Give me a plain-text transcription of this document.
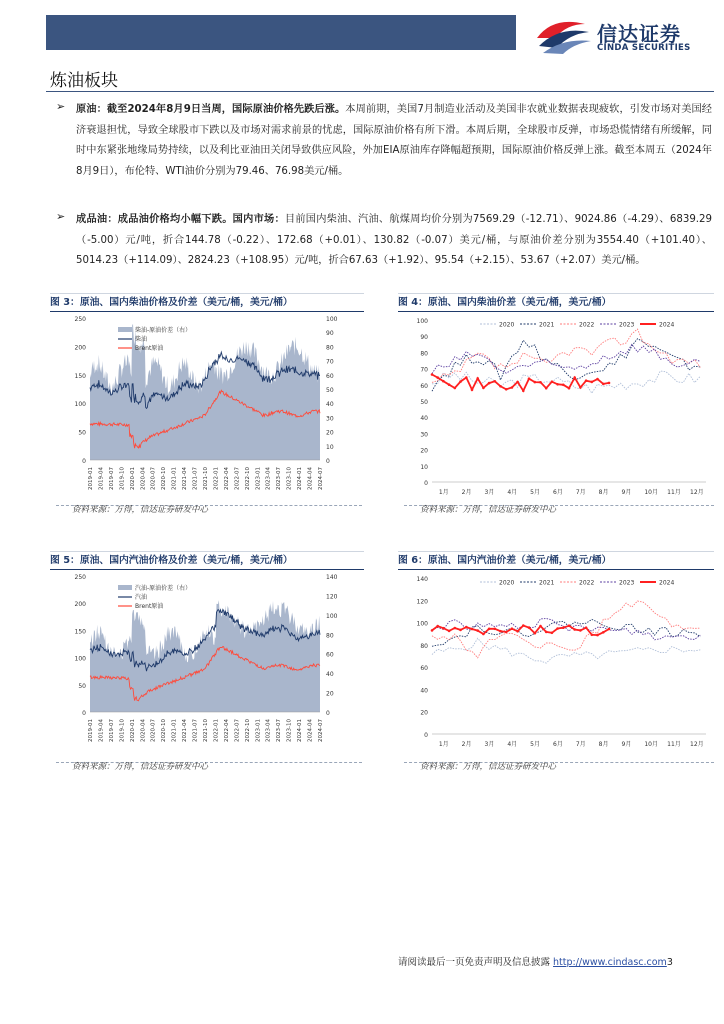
信达证券
CINDA SECURITIES
炼油板块
➢ 原油：截至2024年8月9日当周，国际原油价格先跌后涨。本周前期，美国7月制造业活动及美国非农就业数据表现疲软，引发市场对美国经济衰退担忧，导致全球股市下跌以及市场对需求前景的忧虑，国际原油价格有所下滑。本周后期，全球股市反弹，市场恐慌情绪有所缓解，同时中东紧张地缘局势持续，以及利比亚油田关闭导致供应风险，外加EIA原油库存降幅超预期，国际原油价格反弹上涨。截至本周五（2024年8月9日），布伦特、WTI油价分别为79.46、76.98美元/桶。
➢ 成品油：成品油价格均小幅下跌。国内市场：目前国内柴油、汽油、航煤周均价分别为7569.29（-12.71）、9024.86（-4.29）、6839.29（-5.00）元/吨，折合144.78（-0.22）、172.68（+0.01）、130.82（-0.07）美元/桶，与原油价差分别为3554.40（+101.40）、5014.23（+114.09）、2824.23（+108.95）元/吨，折合67.63（+1.92）、95.54（+2.15）、53.67（+2.07）美元/桶。
图 3：原油、国内柴油价格及价差（美元/桶，美元/桶）	图 4：原油、国内柴油价差（美元/桶，美元/桶）
图 5：原油、国内汽油价格及价差（美元/桶，美元/桶）	图 6：原油、国内汽油价差（美元/桶，美元/桶）
0
50
100
150
200
250
0
10
20
30
40
50
60
70
80
90
100
2019-01 2019-04 2019-07 2019-10 2020-01 2020-04 2020-07 2020-10 2021-01 2021-04 2021-07 2021-10 2022-01 2022-04 2022-07 2022-10 2023-01 2023-04 2023-07 2023-10 2024-01 2024-04 2024-07
柴油-原油价差（右）
柴油
Brent原油
0
10
20
30
40
50
60
70
80
90
100
1月 2月 3月 4月 5月 6月 7月 8月 9月 10月 11月 12月
2020	2021	2022	2023	2024
0
50
100
150
200
250
0
20
40
60
80
100
120
140
2019-01 2019-04 2019-07 2019-10 2020-01 2020-04 2020-07 2020-10 2021-01 2021-04 2021-07 2021-10 2022-01 2022-04 2022-07 2022-10 2023-01 2023-04 2023-07 2023-10 2024-01 2024-04 2024-07
汽油-原油价差（右）
汽油
Brent原油
0
20
40
60
80
100
120
140
1月 2月 3月 4月 5月 6月 7月 8月 9月 10月 11月 12月
2020	2021	2022	2023	2024
资料来源：万得，信达证券研发中心	资料来源：万得，信达证券研发中心
资料来源：万得，信达证券研发中心	资料来源：万得，信达证券研发中心
请阅读最后一页免责声明及信息披露 http://www.cindasc.com3
